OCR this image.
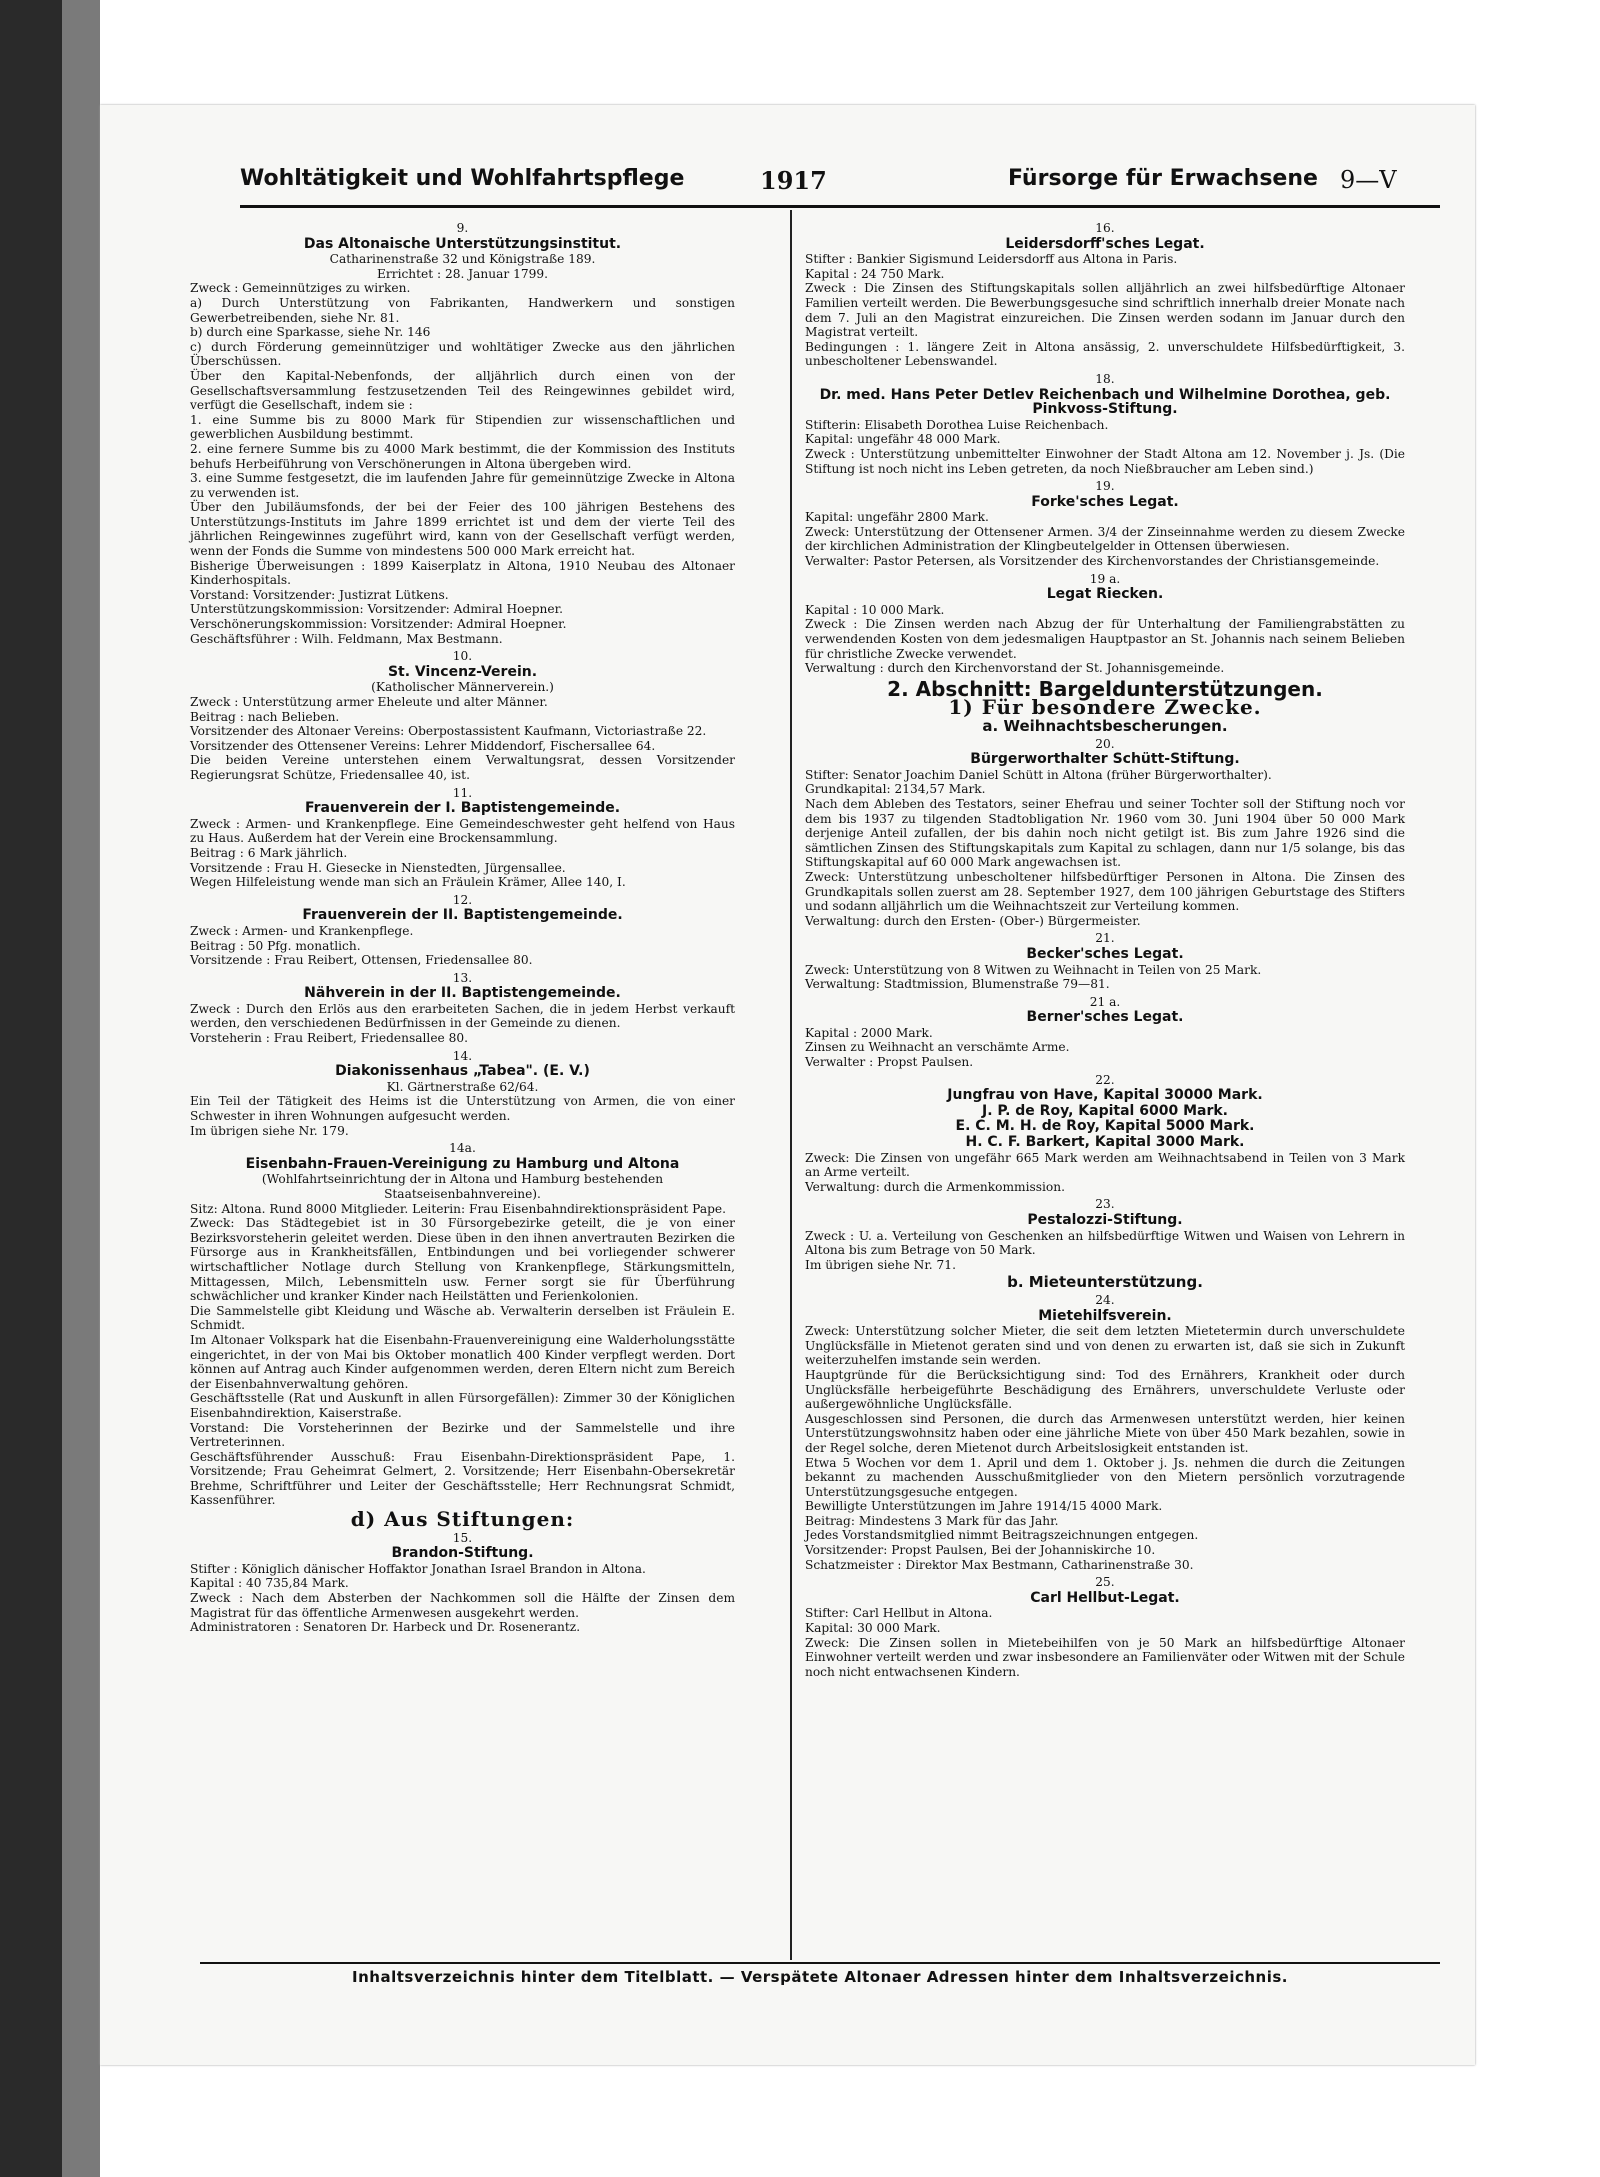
Wohltätigkeit und Wohlfahrtspflege	1917	Fürsorge für Erwachsene 9—V
9.
Das Altonaische Unterstützungsinstitut.
Catharinenstraße 32 und Königstraße 189.
Errichtet : 28. Januar 1799.
Zweck : Gemeinnütziges zu wirken.
a) Durch Unterstützung von Fabrikanten, Handwerkern und sonstigen Gewerbetreibenden, siehe Nr. 81.
b) durch eine Sparkasse, siehe Nr. 146
c) durch Förderung gemeinnütziger und wohltätiger Zwecke aus den jährlichen Überschüssen.
Über den Kapital-Nebenfonds, der alljährlich durch einen von der Gesellschaftsversammlung festzusetzenden Teil des Reingewinnes gebildet wird, verfügt die Gesellschaft, indem sie :
1. eine Summe bis zu 8000 Mark für Stipendien zur wissenschaftlichen und gewerblichen Ausbildung bestimmt.
2. eine fernere Summe bis zu 4000 Mark bestimmt, die der Kommission des Instituts behufs Herbeiführung von Verschönerungen in Altona übergeben wird.
3. eine Summe festgesetzt, die im laufenden Jahre für gemeinnützige Zwecke in Altona zu verwenden ist.
Über den Jubiläumsfonds, der bei der Feier des 100 jährigen Bestehens des Unterstützungs-Instituts im Jahre 1899 errichtet ist und dem der vierte Teil des jährlichen Reingewinnes zugeführt wird, kann von der Gesellschaft verfügt werden, wenn der Fonds die Summe von mindestens 500 000 Mark erreicht hat.
Bisherige Überweisungen : 1899 Kaiserplatz in Altona, 1910 Neubau des Altonaer Kinderhospitals.
Vorstand: Vorsitzender: Justizrat Lütkens.
Unterstützungskommission: Vorsitzender: Admiral Hoepner.
Verschönerungskommission: Vorsitzender: Admiral Hoepner.
Geschäftsführer : Wilh. Feldmann, Max Bestmann.
10.
St. Vincenz-Verein.
(Katholischer Männerverein.)
Zweck : Unterstützung armer Eheleute und alter Männer.
Beitrag : nach Belieben.
Vorsitzender des Altonaer Vereins: Oberpostassistent Kaufmann, Victoriastraße 22.
Vorsitzender des Ottensener Vereins: Lehrer Middendorf, Fischersallee 64.
Die beiden Vereine unterstehen einem Verwaltungsrat, dessen Vorsitzender Regierungsrat Schütze, Friedensallee 40, ist.
11.
Frauenverein der I. Baptistengemeinde.
Zweck : Armen- und Krankenpflege. Eine Gemeindeschwester geht helfend von Haus zu Haus. Außerdem hat der Verein eine Brockensammlung.
Beitrag : 6 Mark jährlich.
Vorsitzende : Frau H. Giesecke in Nienstedten, Jürgensallee.
Wegen Hilfeleistung wende man sich an Fräulein Krämer, Allee 140, I.
12.
Frauenverein der II. Baptistengemeinde.
Zweck : Armen- und Krankenpflege.
Beitrag : 50 Pfg. monatlich.
Vorsitzende : Frau Reibert, Ottensen, Friedensallee 80.
13.
Nähverein in der II. Baptistengemeinde.
Zweck : Durch den Erlös aus den erarbeiteten Sachen, die in jedem Herbst verkauft werden, den verschiedenen Bedürfnissen in der Gemeinde zu dienen.
Vorsteherin : Frau Reibert, Friedensallee 80.
14.
Diakonissenhaus „Tabea". (E. V.)
Kl. Gärtnerstraße 62/64.
Ein Teil der Tätigkeit des Heims ist die Unterstützung von Armen, die von einer Schwester in ihren Wohnungen aufgesucht werden.
Im übrigen siehe Nr. 179.
14a.
Eisenbahn-Frauen-Vereinigung zu Hamburg und Altona
(Wohlfahrtseinrichtung der in Altona und Hamburg bestehenden Staatseisenbahnvereine).
Sitz: Altona. Rund 8000 Mitglieder. Leiterin: Frau Eisenbahndirektionspräsident Pape.
Zweck: Das Städtegebiet ist in 30 Fürsorgebezirke geteilt, die je von einer Bezirksvorsteherin geleitet werden. Diese üben in den ihnen anvertrauten Bezirken die Fürsorge aus in Krankheitsfällen, Entbindungen und bei vorliegender schwerer wirtschaftlicher Notlage durch Stellung von Krankenpflege, Stärkungsmitteln, Mittagessen, Milch, Lebensmitteln usw. Ferner sorgt sie für Überführung schwächlicher und kranker Kinder nach Heilstätten und Ferienkolonien.
Die Sammelstelle gibt Kleidung und Wäsche ab. Verwalterin derselben ist Fräulein E. Schmidt.
Im Altonaer Volkspark hat die Eisenbahn-Frauenvereinigung eine Walderholungsstätte eingerichtet, in der von Mai bis Oktober monatlich 400 Kinder verpflegt werden. Dort können auf Antrag auch Kinder aufgenommen werden, deren Eltern nicht zum Bereich der Eisenbahnverwaltung gehören.
Geschäftsstelle (Rat und Auskunft in allen Fürsorgefällen): Zimmer 30 der Königlichen Eisenbahndirektion, Kaiserstraße.
Vorstand: Die Vorsteherinnen der Bezirke und der Sammelstelle und ihre Vertreterinnen.
Geschäftsführender Ausschuß: Frau Eisenbahn-Direktionspräsident Pape, 1. Vorsitzende; Frau Geheimrat Gelmert, 2. Vorsitzende; Herr Eisenbahn-Obersekretär Brehme, Schriftführer und Leiter der Geschäftsstelle; Herr Rechnungsrat Schmidt, Kassenführer.
d) Aus Stiftungen:
15.
Brandon-Stiftung.
Stifter : Königlich dänischer Hoffaktor Jonathan Israel Brandon in Altona.
Kapital : 40 735,84 Mark.
Zweck : Nach dem Absterben der Nachkommen soll die Hälfte der Zinsen dem Magistrat für das öffentliche Armenwesen ausgekehrt werden.
Administratoren : Senatoren Dr. Harbeck und Dr. Rosenerantz.
16.
Leidersdorff'sches Legat.
Stifter : Bankier Sigismund Leidersdorff aus Altona in Paris.
Kapital : 24 750 Mark.
Zweck : Die Zinsen des Stiftungskapitals sollen alljährlich an zwei hilfsbedürftige Altonaer Familien verteilt werden. Die Bewerbungsgesuche sind schriftlich innerhalb dreier Monate nach dem 7. Juli an den Magistrat einzureichen. Die Zinsen werden sodann im Januar durch den Magistrat verteilt.
Bedingungen : 1. längere Zeit in Altona ansässig, 2. unverschuldete Hilfsbedürftigkeit, 3. unbescholtener Lebenswandel.
18.
Dr. med. Hans Peter Detlev Reichenbach und Wilhelmine Dorothea, geb. Pinkvoss-Stiftung.
Stifterin: Elisabeth Dorothea Luise Reichenbach.
Kapital: ungefähr 48 000 Mark.
Zweck : Unterstützung unbemittelter Einwohner der Stadt Altona am 12. November j. Js. (Die Stiftung ist noch nicht ins Leben getreten, da noch Nießbraucher am Leben sind.)
19.
Forke'sches Legat.
Kapital: ungefähr 2800 Mark.
Zweck: Unterstützung der Ottensener Armen. 3/4 der Zinseinnahme werden zu diesem Zwecke der kirchlichen Administration der Klingbeutelgelder in Ottensen überwiesen.
Verwalter: Pastor Petersen, als Vorsitzender des Kirchenvorstandes der Christiansgemeinde.
19 a.
Legat Riecken.
Kapital : 10 000 Mark.
Zweck : Die Zinsen werden nach Abzug der für Unterhaltung der Familiengrabstätten zu verwendenden Kosten von dem jedesmaligen Hauptpastor an St. Johannis nach seinem Belieben für christliche Zwecke verwendet.
Verwaltung : durch den Kirchenvorstand der St. Johannisgemeinde.
2. Abschnitt: Bargeldunterstützungen.
1) Für besondere Zwecke.
a. Weihnachtsbescherungen.
20.
Bürgerworthalter Schütt-Stiftung.
Stifter: Senator Joachim Daniel Schütt in Altona (früher Bürgerworthalter).
Grundkapital: 2134,57 Mark.
Nach dem Ableben des Testators, seiner Ehefrau und seiner Tochter soll der Stiftung noch vor dem bis 1937 zu tilgenden Stadtobligation Nr. 1960 vom 30. Juni 1904 über 50 000 Mark derjenige Anteil zufallen, der bis dahin noch nicht getilgt ist. Bis zum Jahre 1926 sind die sämtlichen Zinsen des Stiftungskapitals zum Kapital zu schlagen, dann nur 1/5 solange, bis das Stiftungskapital auf 60 000 Mark angewachsen ist.
Zweck: Unterstützung unbescholtener hilfsbedürftiger Personen in Altona. Die Zinsen des Grundkapitals sollen zuerst am 28. September 1927, dem 100 jährigen Geburtstage des Stifters und sodann alljährlich um die Weihnachtszeit zur Verteilung kommen.
Verwaltung: durch den Ersten- (Ober-) Bürgermeister.
21.
Becker'sches Legat.
Zweck: Unterstützung von 8 Witwen zu Weihnacht in Teilen von 25 Mark.
Verwaltung: Stadtmission, Blumenstraße 79—81.
21 a.
Berner'sches Legat.
Kapital : 2000 Mark.
Zinsen zu Weihnacht an verschämte Arme.
Verwalter : Propst Paulsen.
22.
Jungfrau von Have, Kapital 30000 Mark.
J. P. de Roy, Kapital 6000 Mark.
E. C. M. H. de Roy, Kapital 5000 Mark.
H. C. F. Barkert, Kapital 3000 Mark.
Zweck: Die Zinsen von ungefähr 665 Mark werden am Weihnachtsabend in Teilen von 3 Mark an Arme verteilt.
Verwaltung: durch die Armenkommission.
23.
Pestalozzi-Stiftung.
Zweck : U. a. Verteilung von Geschenken an hilfsbedürftige Witwen und Waisen von Lehrern in Altona bis zum Betrage von 50 Mark.
Im übrigen siehe Nr. 71.
b. Mieteunterstützung.
24.
Mietehilfsverein.
Zweck: Unterstützung solcher Mieter, die seit dem letzten Mietetermin durch unverschuldete Unglücksfälle in Mietenot geraten sind und von denen zu erwarten ist, daß sie sich in Zukunft weiterzuhelfen imstande sein werden.
Hauptgründe für die Berücksichtigung sind: Tod des Ernährers, Krankheit oder durch Unglücksfälle herbeigeführte Beschädigung des Ernährers, unverschuldete Verluste oder außergewöhnliche Unglücksfälle.
Ausgeschlossen sind Personen, die durch das Armenwesen unterstützt werden, hier keinen Unterstützungswohnsitz haben oder eine jährliche Miete von über 450 Mark bezahlen, sowie in der Regel solche, deren Mietenot durch Arbeitslosigkeit entstanden ist.
Etwa 5 Wochen vor dem 1. April und dem 1. Oktober j. Js. nehmen die durch die Zeitungen bekannt zu machenden Ausschußmitglieder von den Mietern persönlich vorzutragende Unterstützungsgesuche entgegen.
Bewilligte Unterstützungen im Jahre 1914/15 4000 Mark.
Beitrag: Mindestens 3 Mark für das Jahr.
Jedes Vorstandsmitglied nimmt Beitragszeichnungen entgegen.
Vorsitzender: Propst Paulsen, Bei der Johanniskirche 10.
Schatzmeister : Direktor Max Bestmann, Catharinenstraße 30.
25.
Carl Hellbut-Legat.
Stifter: Carl Hellbut in Altona.
Kapital: 30 000 Mark.
Zweck: Die Zinsen sollen in Mietebeihilfen von je 50 Mark an hilfsbedürftige Altonaer Einwohner verteilt werden und zwar insbesondere an Familienväter oder Witwen mit der Schule noch nicht entwachsenen Kindern.
Inhaltsverzeichnis hinter dem Titelblatt. — Verspätete Altonaer Adressen hinter dem Inhaltsverzeichnis.
